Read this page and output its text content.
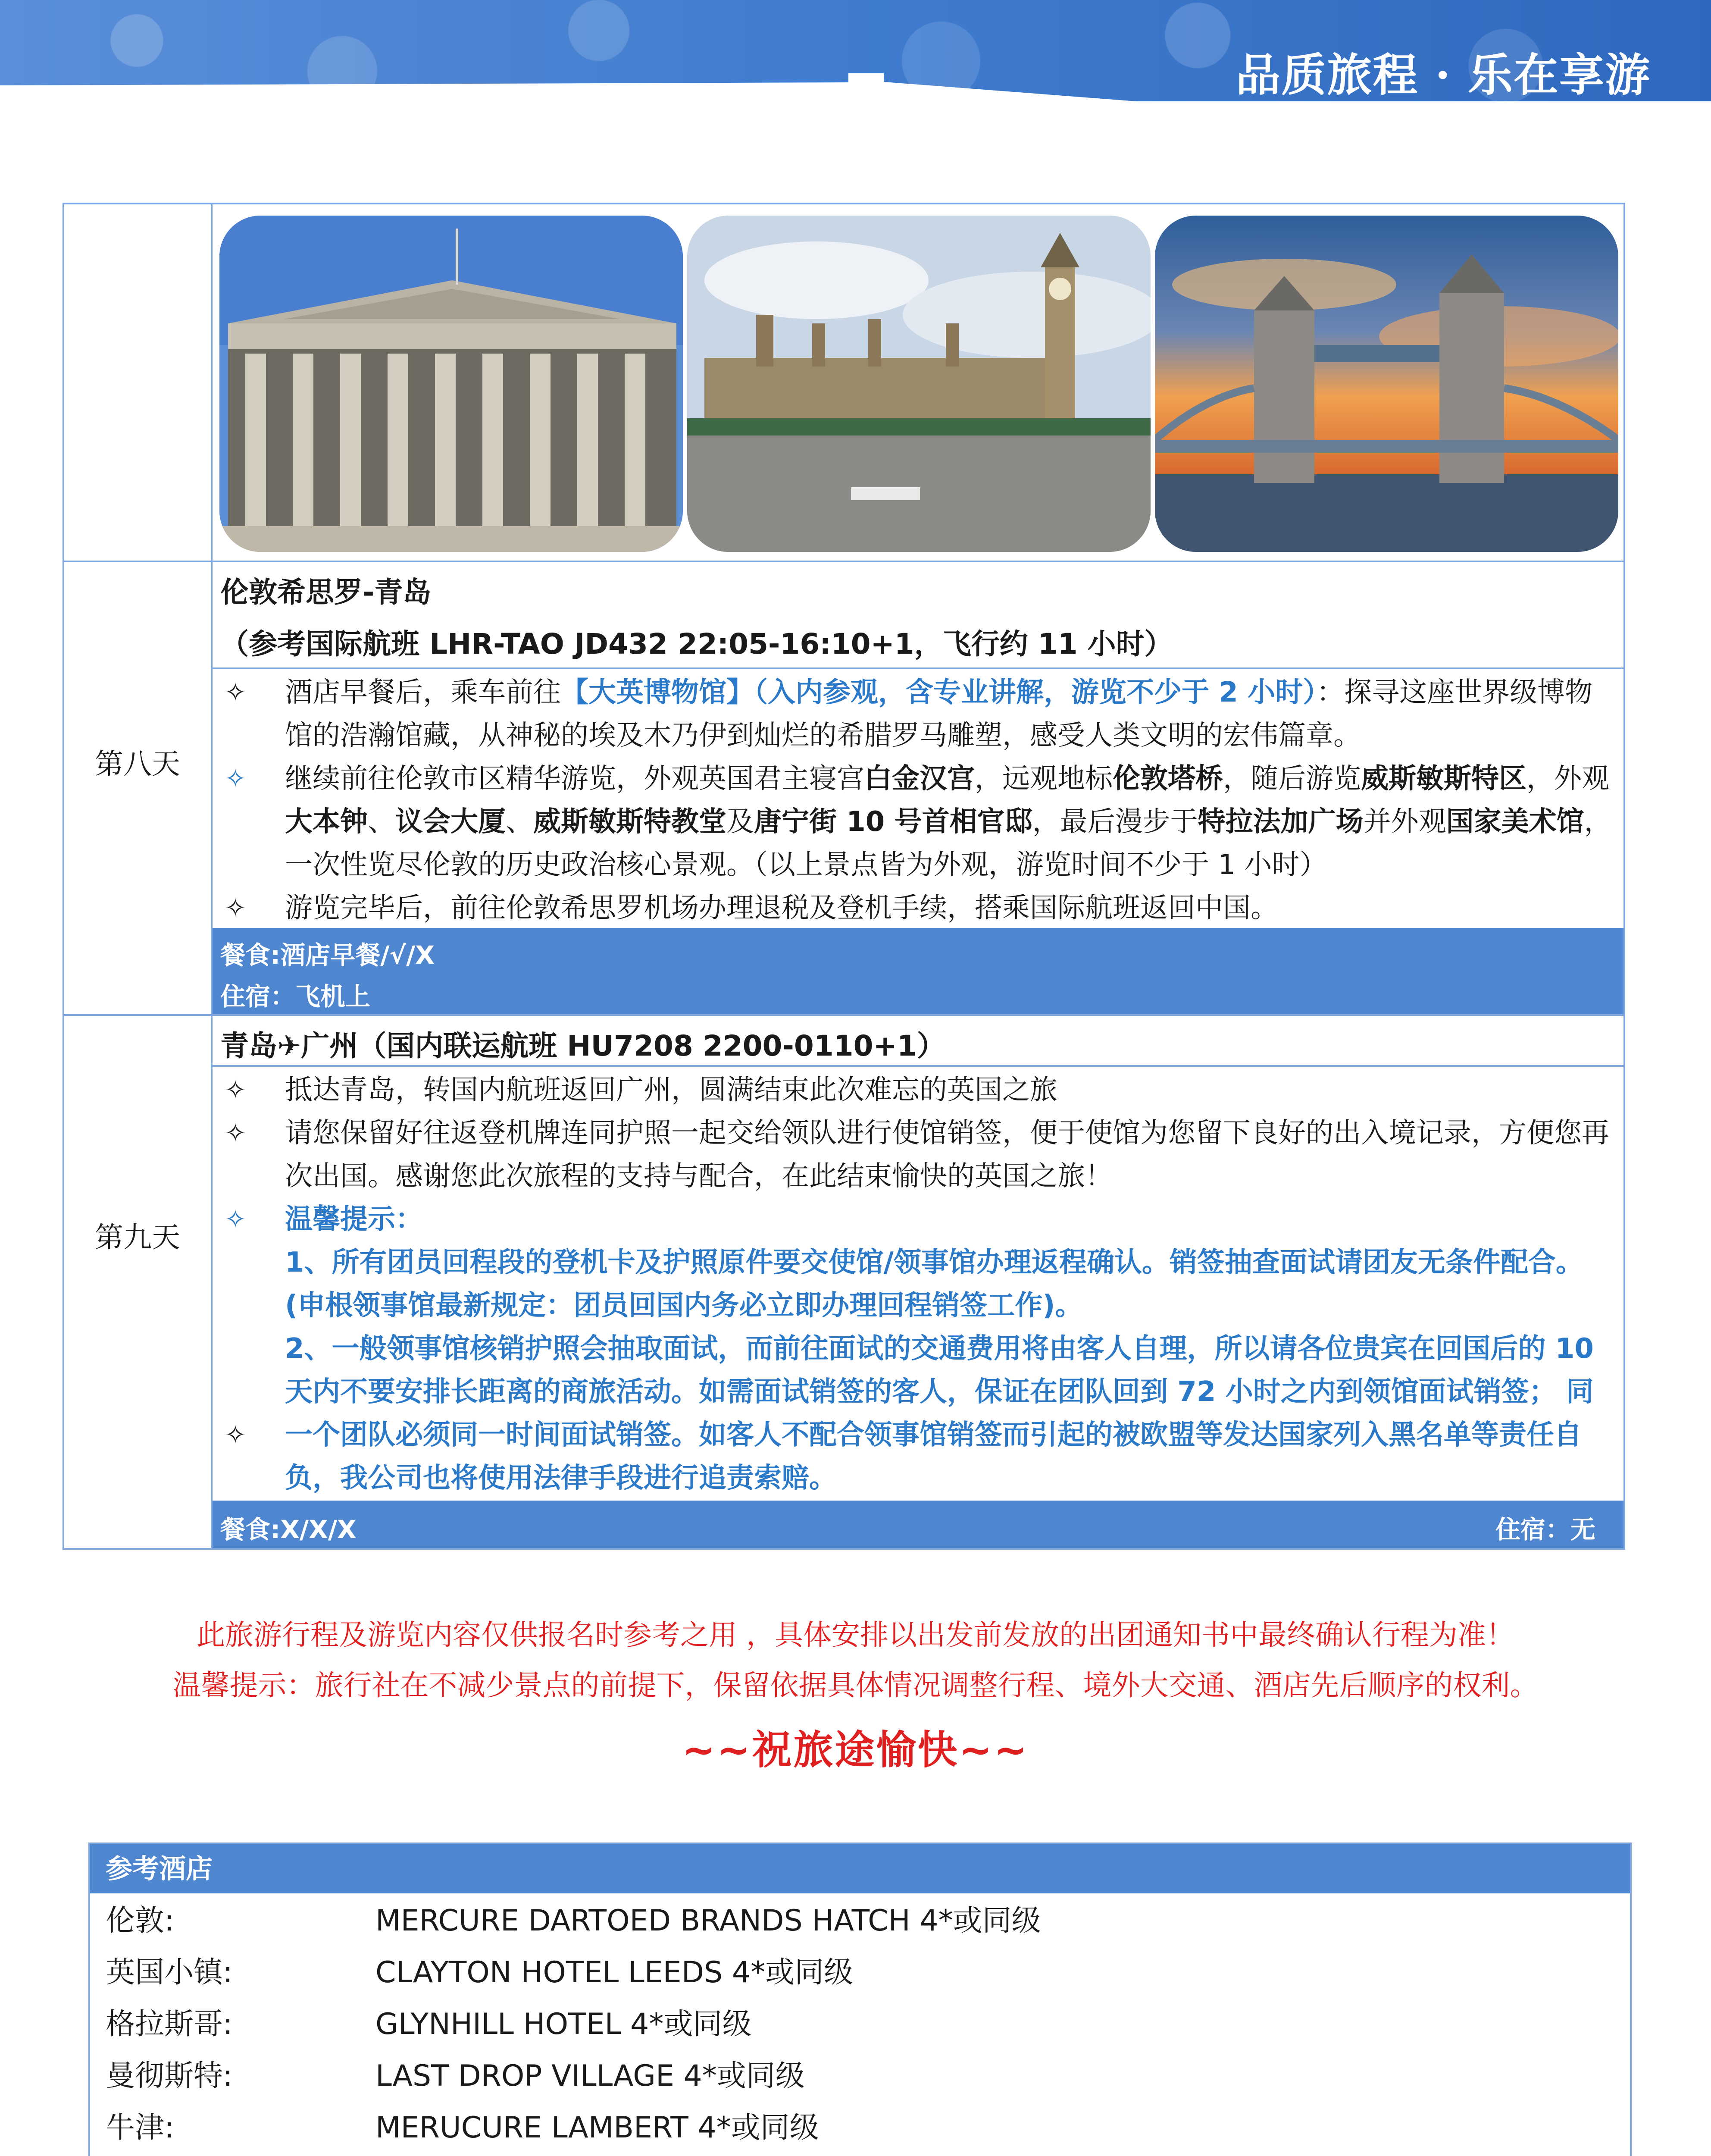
品质旅程 · 乐在享游
第八天
伦敦希思罗-青岛
（参考国际航班 LHR-TAO JD432 22:05-16:10+1，飞行约 11 小时）
✧ 酒店早餐后，乘车前往【大英博物馆】（入内参观，含专业讲解，游览不少于 2 小时）：探寻这座世界级博物馆的浩瀚馆藏，从神秘的埃及木乃伊到灿烂的希腊罗马雕塑，感受人类文明的宏伟篇章。
✧ 继续前往伦敦市区精华游览，外观英国君主寝宫白金汉宫，远观地标伦敦塔桥，随后游览威斯敏斯特区，外观大本钟、议会大厦、威斯敏斯特教堂及唐宁街 10 号首相官邸，最后漫步于特拉法加广场并外观国家美术馆，一次性览尽伦敦的历史政治核心景观。（以上景点皆为外观，游览时间不少于 1 小时）
✧ 游览完毕后，前往伦敦希思罗机场办理退税及登机手续，搭乘国际航班返回中国。
餐食:酒店早餐/√/X
住宿：飞机上
第九天
青岛✈广州（国内联运航班 HU7208 2200-0110+1）
✧ 抵达青岛，转国内航班返回广州，圆满结束此次难忘的英国之旅
✧ 请您保留好往返登机牌连同护照一起交给领队进行使馆销签，便于使馆为您留下良好的出入境记录，方便您再次出国。感谢您此次旅程的支持与配合，在此结束愉快的英国之旅！
✧ 温馨提示：
1、所有团员回程段的登机卡及护照原件要交使馆/领事馆办理返程确认。销签抽查面试请团友无条件配合。(申根领事馆最新规定：团员回国内务必立即办理回程销签工作)。

✧
2、一般领事馆核销护照会抽取面试，而前往面试的交通费用将由客人自理，所以请各位贵宾在回国后的 10 天内不要安排长距离的商旅活动。如需面试销签的客人，保证在团队回到 72 小时之内到领馆面试销签； 同一个团队必须同一时间面试销签。如客人不配合领事馆销签而引起的被欧盟等发达国家列入黑名单等责任自负，我公司也将使用法律手段进行追责索赔。
餐食:X/X/X	住宿：无
此旅游行程及游览内容仅供报名时参考之用 ，具体安排以出发前发放的出团通知书中最终确认行程为准！
温馨提示：旅行社在不减少景点的前提下，保留依据具体情况调整行程、境外大交通、酒店先后顺序的权利。
~~祝旅途愉快~~
参考酒店
伦敦:	MERCURE DARTOED BRANDS HATCH 4*或同级
英国小镇:	CLAYTON HOTEL LEEDS 4*或同级
格拉斯哥:	GLYNHILL HOTEL 4*或同级
曼彻斯特:	LAST DROP VILLAGE 4*或同级
牛津:	MERUCURE LAMBERT 4*或同级
